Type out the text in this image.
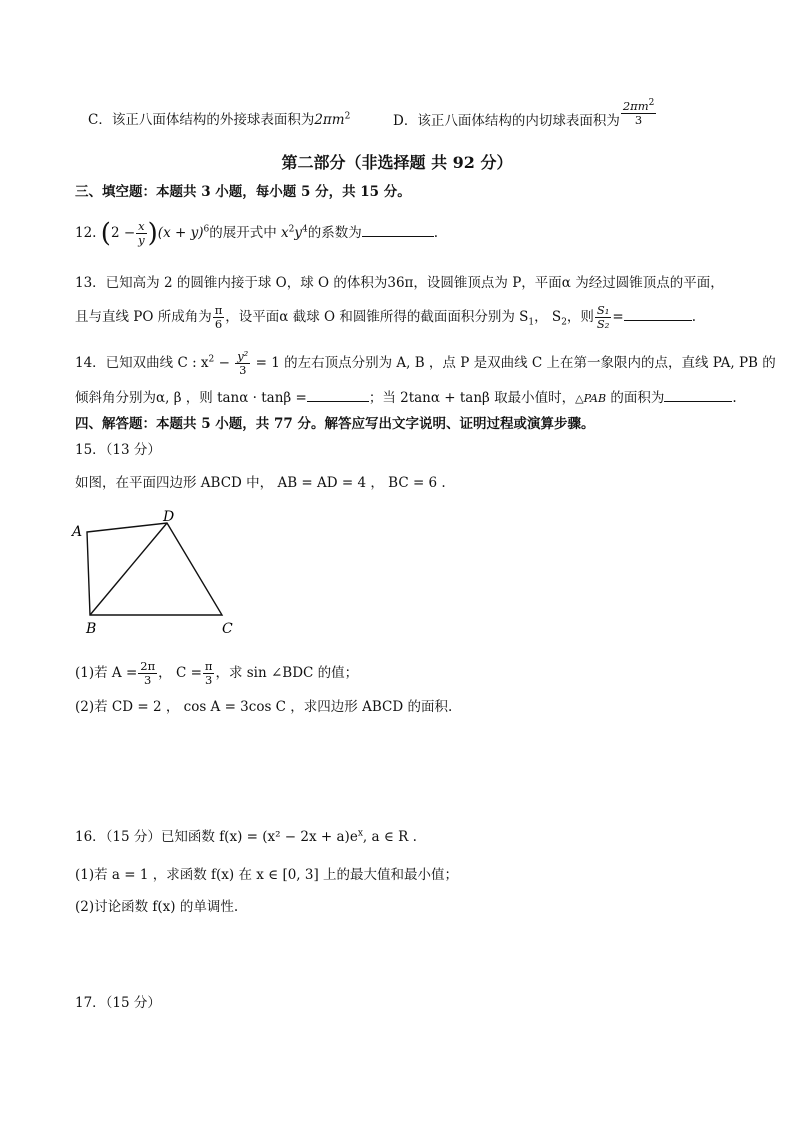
C．该正八面体结构的外接球表面积为$2\pi m^2$	D．该正八面体结构的内切球表面积为 $\frac{2\pi m^2}{3}$
第二部分（非选择题 共 92 分）
三、填空题：本题共 3 小题，每小题 5 分，共 15 分。
12. $(2 - \frac{x}{y} )(x + y)^6$的展开式中 $x^2y^4$的系数为	.
13．已知高为 2 的圆锥内接于球 O，球 O 的体积为36π，设圆锥顶点为 P，平面α 为经过圆锥顶点的平面，
且与直线 PO 所成角为 $\frac{\pi}{6}$ ，设平面α 截球 O 和圆锥所得的截面面积分别为 $S_1$， $S_2$，则 $\frac{\text{S₁}}{\text{S₂}}$ =	.
14．已知双曲线 C : $x^2 - \frac{\text{y²}}{3} = 1$ 的左右顶点分别为 A, B ，点 P 是双曲线 C 上在第一象限内的点，直线 PA, PB 的
倾斜角分别为α, β ，则 tanα · tanβ =	；当 2tanα + tanβ 取最小值时，△PAB 的面积为	.
四、解答题：本题共 5 小题，共 77 分。解答应写出文字说明、证明过程或演算步骤。
15．（13 分）
如图，在平面四边形 ABCD 中， AB = AD = 4 ， BC = 6 .
A
D
B	C
(1)若 $A = \frac{2\pi}{3}$ ， $C = \frac{\pi}{3}$ ，求 sin ∠BDC 的值；
(2)若 CD = 2 ， cos A = 3cos C ，求四边形 ABCD 的面积.
16．（15 分）已知函数 $f(x) = (x^2 - 2x + a)e^x$, a ∈ R .
(1)若 a = 1 ，求函数 f(x) 在 x ∈ [0, 3] 上的最大值和最小值；
(2)讨论函数 f(x) 的单调性.
17．（15 分）
